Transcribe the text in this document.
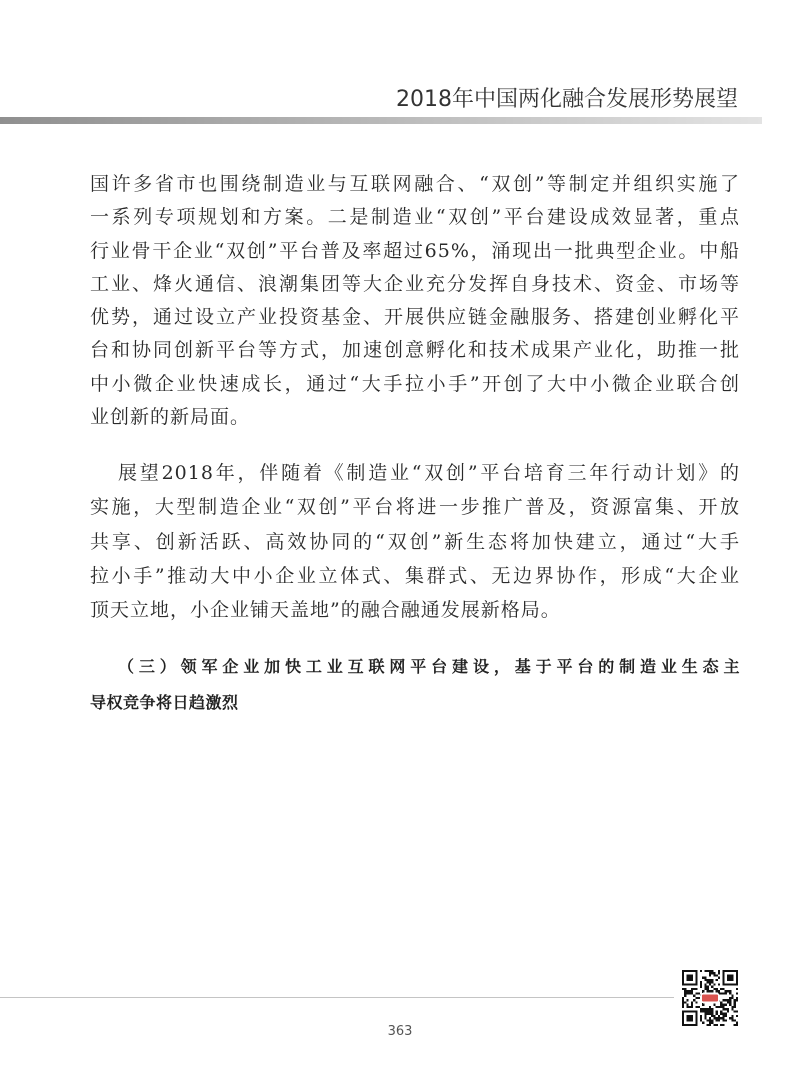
2018年中国两化融合发展形势展望
国许多省市也围绕制造业与互联网融合、“双创”等制定并组织实施了
一系列专项规划和方案。二是制造业“双创”平台建设成效显著，重点
行业骨干企业“双创”平台普及率超过65%，涌现出一批典型企业。中船
工业、烽火通信、浪潮集团等大企业充分发挥自身技术、资金、市场等
优势，通过设立产业投资基金、开展供应链金融服务、搭建创业孵化平
台和协同创新平台等方式，加速创意孵化和技术成果产业化，助推一批
中小微企业快速成长，通过“大手拉小手”开创了大中小微企业联合创
业创新的新局面。
展望2018年，伴随着《制造业“双创”平台培育三年行动计划》的
实施，大型制造企业“双创”平台将进一步推广普及，资源富集、开放
共享、创新活跃、高效协同的“双创”新生态将加快建立，通过“大手
拉小手”推动大中小企业立体式、集群式、无边界协作，形成“大企业
顶天立地，小企业铺天盖地”的融合融通发展新格局。
（三）领军企业加快工业互联网平台建设，基于平台的制造业生态主
导权竞争将日趋激烈
363
